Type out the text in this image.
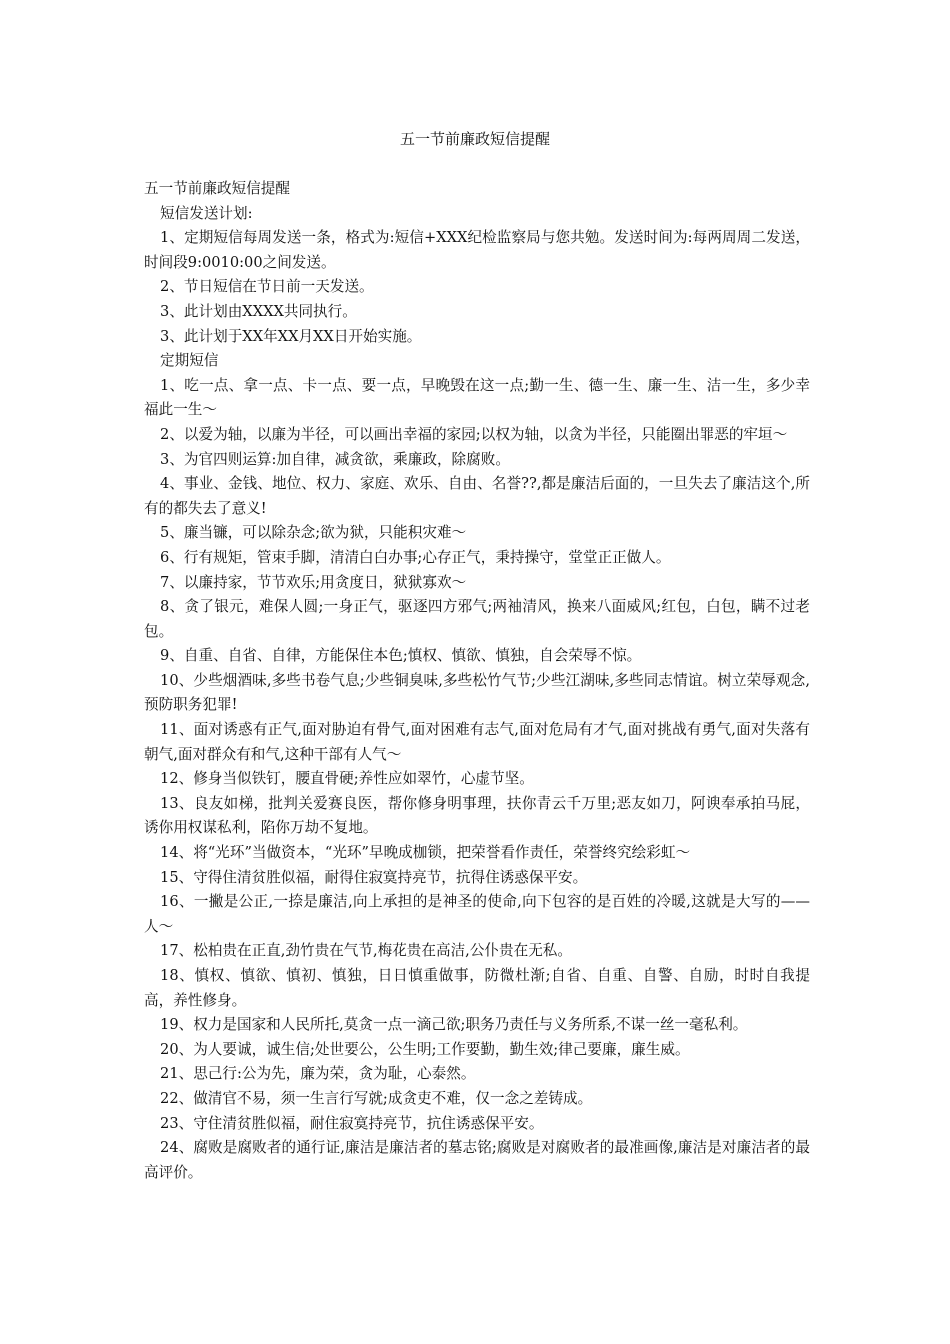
五一节前廉政短信提醒

五一节前廉政短信提醒

短信发送计划:

1、定期短信每周发送一条，格式为:短信+XXX纪检监察局与您共勉。发送时间为:每两周周二发送，时间段9:0010:00之间发送。

2、节日短信在节日前一天发送。

3、此计划由XXXX共同执行。

3、此计划于XX年XX月XX日开始实施。

定期短信

1、吃一点、拿一点、卡一点、要一点，早晚毁在这一点;勤一生、德一生、廉一生、洁一生，多少幸福此一生～

2、以爱为轴，以廉为半径，可以画出幸福的家园;以权为轴，以贪为半径，只能圈出罪恶的牢垣～

3、为官四则运算:加自律，减贪欲，乘廉政，除腐败。

4、事业、金钱、地位、权力、家庭、欢乐、自由、名誉??,都是廉洁后面的，一旦失去了廉洁这个,所有的都失去了意义!

5、廉当镰，可以除杂念;欲为狱，只能积灾难～

6、行有规矩，管束手脚，清清白白办事;心存正气，秉持操守，堂堂正正做人。

7、以廉持家，节节欢乐;用贪度日，狱狱寡欢～

8、贪了银元，难保人圆;一身正气，驱逐四方邪气;两袖清风，换来八面威风;红包，白包，瞒不过老包。

9、自重、自省、自律，方能保住本色;慎权、慎欲、慎独，自会荣辱不惊。

10、少些烟酒味,多些书卷气息;少些铜臭味,多些松竹气节;少些江湖味,多些同志情谊。树立荣辱观念,预防职务犯罪!

11、面对诱惑有正气,面对胁迫有骨气,面对困难有志气,面对危局有才气,面对挑战有勇气,面对失落有朝气,面对群众有和气,这种干部有人气～

12、修身当似铁钉，腰直骨硬;养性应如翠竹，心虚节坚。

13、良友如梯，批判关爱赛良医，帮你修身明事理，扶你青云千万里;恶友如刀，阿谀奉承拍马屁，诱你用权谋私利，陷你万劫不复地。

14、将“光环”当做资本，“光环”早晚成枷锁，把荣誉看作责任，荣誉终究绘彩虹～

15、守得住清贫胜似福，耐得住寂寞持亮节，抗得住诱惑保平安。

16、一撇是公正,一捺是廉洁,向上承担的是神圣的使命,向下包容的是百姓的冷暖,这就是大写的——人～

17、松柏贵在正直,劲竹贵在气节,梅花贵在高洁,公仆贵在无私。

18、慎权、慎欲、慎初、慎独，日日慎重做事，防微杜渐;自省、自重、自警、自励，时时自我提高，养性修身。

19、权力是国家和人民所托,莫贪一点一滴己欲;职务乃责任与义务所系,不谋一丝一毫私利。

20、为人要诚，诚生信;处世要公，公生明;工作要勤，勤生效;律己要廉，廉生威。

21、思己行:公为先，廉为荣，贪为耻，心泰然。

22、做清官不易，须一生言行写就;成贪吏不难，仅一念之差铸成。

23、守住清贫胜似福，耐住寂寞持亮节，抗住诱惑保平安。

24、腐败是腐败者的通行证,廉洁是廉洁者的墓志铭;腐败是对腐败者的最准画像,廉洁是对廉洁者的最高评价。
